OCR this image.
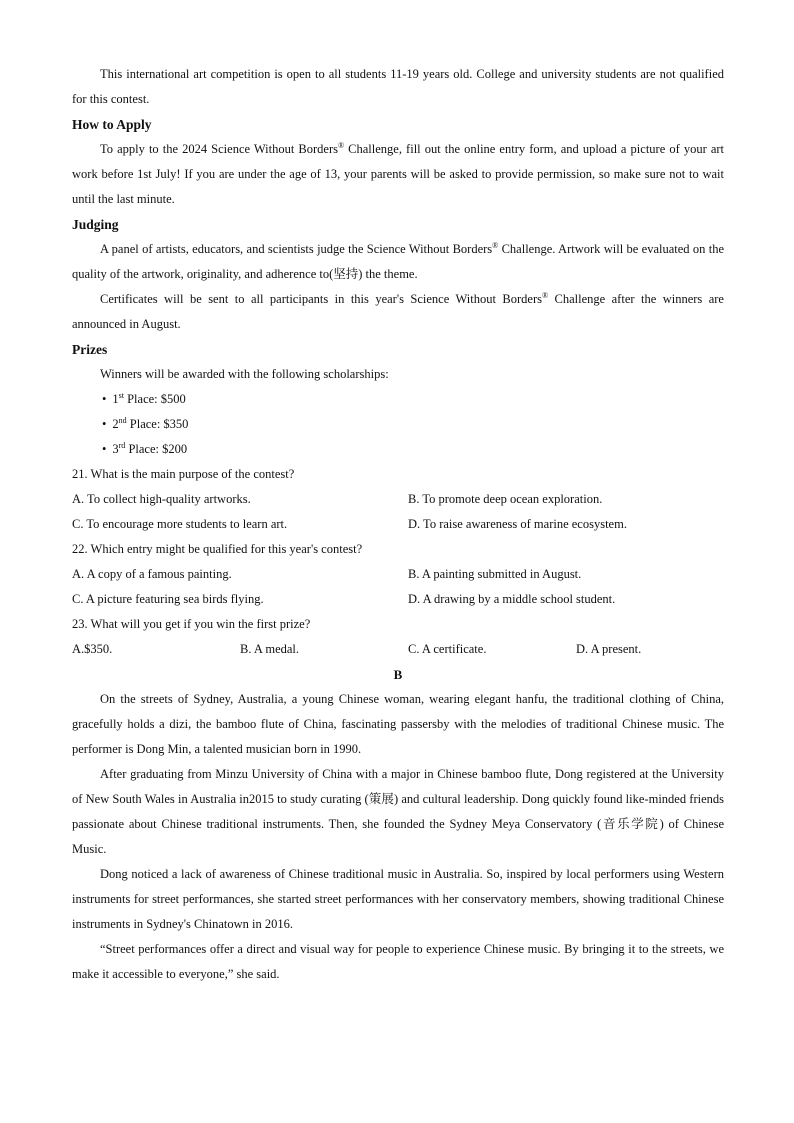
This international art competition is open to all students 11-19 years old. College and university students are not qualified for this contest.

How to Apply

To apply to the 2024 Science Without Borders® Challenge, fill out the online entry form, and upload a picture of your art work before 1st July! If you are under the age of 13, your parents will be asked to provide permission, so make sure not to wait until the last minute.

Judging

A panel of artists, educators, and scientists judge the Science Without Borders® Challenge. Artwork will be evaluated on the quality of the artwork, originality, and adherence to(坚持) the theme.

Certificates will be sent to all participants in this year's Science Without Borders® Challenge after the winners are announced in August.

Prizes

Winners will be awarded with the following scholarships:

• 1st Place: $500

• 2nd Place: $350

• 3rd Place: $200

21. What is the main purpose of the contest?

A. To collect high-quality artworks.	B. To promote deep ocean exploration.
C. To encourage more students to learn art.	D. To raise awareness of marine ecosystem.

22. Which entry might be qualified for this year's contest?

A. A copy of a famous painting.	B. A painting submitted in August.
C. A picture featuring sea birds flying.	D. A drawing by a middle school student.

23. What will you get if you win the first prize?

A.$350.	B. A medal.	C. A certificate.	D. A present.

B

On the streets of Sydney, Australia, a young Chinese woman, wearing elegant hanfu, the traditional clothing of China, gracefully holds a dizi, the bamboo flute of China, fascinating passersby with the melodies of traditional Chinese music. The performer is Dong Min, a talented musician born in 1990.

After graduating from Minzu University of China with a major in Chinese bamboo flute, Dong registered at the University of New South Wales in Australia in2015 to study curating (策展) and cultural leadership. Dong quickly found like-minded friends passionate about Chinese traditional instruments. Then, she founded the Sydney Meya Conservatory (音乐学院) of Chinese Music.

Dong noticed a lack of awareness of Chinese traditional music in Australia. So, inspired by local performers using Western instruments for street performances, she started street performances with her conservatory members, showing traditional Chinese instruments in Sydney's Chinatown in 2016.

“Street performances offer a direct and visual way for people to experience Chinese music. By bringing it to the streets, we make it accessible to everyone,” she said.
